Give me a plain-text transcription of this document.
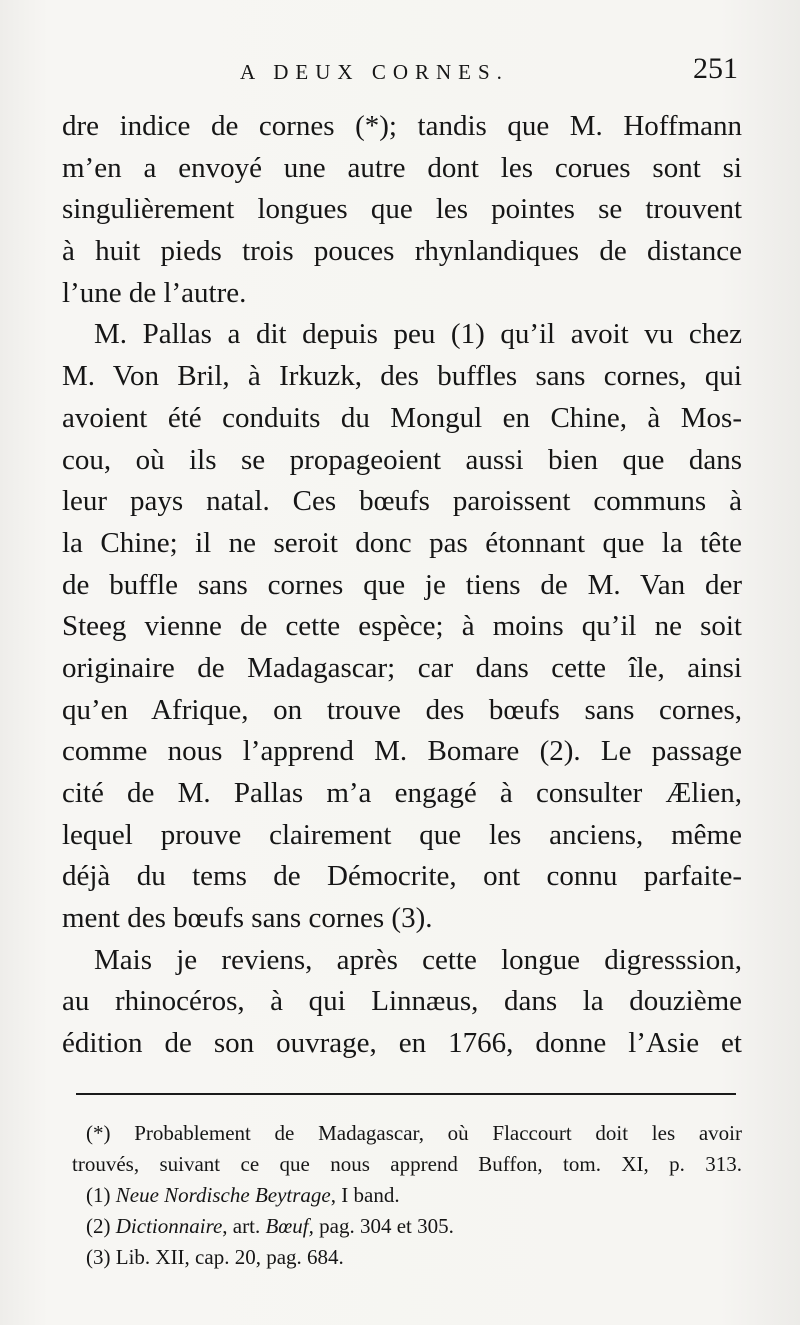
A DEUX CORNES.	251
dre indice de cornes (*); tandis que M. Hoffmann
m’en a envoyé une autre dont les corues sont si
singulièrement longues que les pointes se trouvent
à huit pieds trois pouces rhynlandiques de distance
l’une de l’autre.
M. Pallas a dit depuis peu (1) qu’il avoit vu chez
M. Von Bril, à Irkuzk, des buffles sans cornes, qui
avoient été conduits du Mongul en Chine, à Mos-
cou, où ils se propageoient aussi bien que dans
leur pays natal. Ces bœufs paroissent communs à
la Chine; il ne seroit donc pas étonnant que la tête
de buffle sans cornes que je tiens de M. Van der
Steeg vienne de cette espèce; à moins qu’il ne soit
originaire de Madagascar; car dans cette île, ainsi
qu’en Afrique, on trouve des bœufs sans cornes,
comme nous l’apprend M. Bomare (2). Le passage
cité de M. Pallas m’a engagé à consulter Ælien,
lequel prouve clairement que les anciens, même
déjà du tems de Démocrite, ont connu parfaite-
ment des bœufs sans cornes (3).
Mais je reviens, après cette longue digresssion,
au rhinocéros, à qui Linnæus, dans la douzième
édition de son ouvrage, en 1766, donne l’Asie et
(*) Probablement de Madagascar, où Flaccourt doit les avoir
trouvés, suivant ce que nous apprend Buffon, tom. XI, p. 313.
(1) Neue Nordische Beytrage, I band.
(2) Dictionnaire, art. Bœuf, pag. 304 et 305.
(3) Lib. XII, cap. 20, pag. 684.
